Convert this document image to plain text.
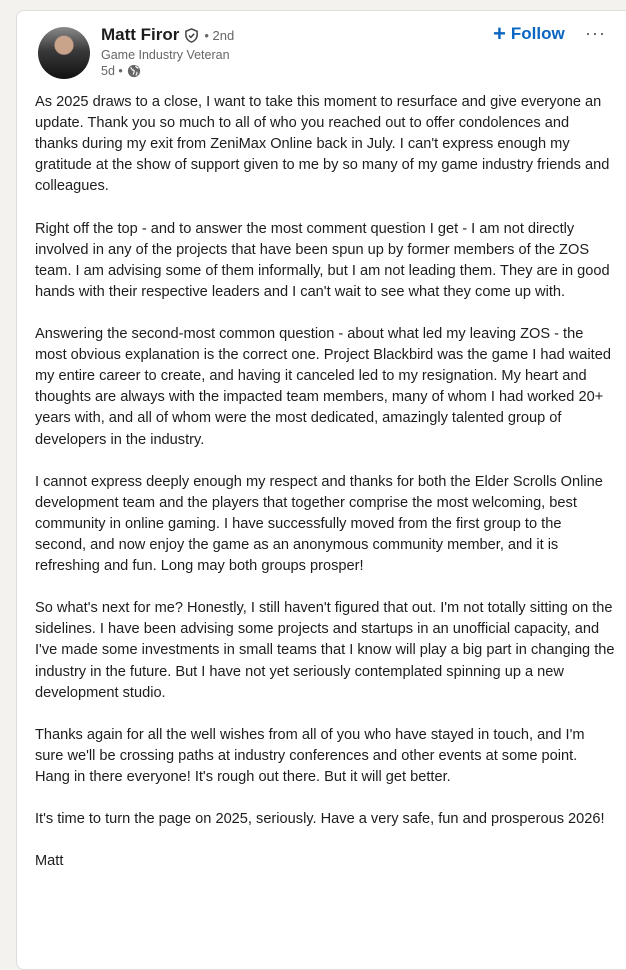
Matt Firor • 2nd
Game Industry Veteran
5d •
+ Follow ···

As 2025 draws to a close, I want to take this moment to resurface and give everyone an update. Thank you so much to all of who you reached out to offer condolences and thanks during my exit from ZeniMax Online back in July. I can't express enough my gratitude at the show of support given to me by so many of my game industry friends and colleagues.

Right off the top - and to answer the most comment question I get - I am not directly involved in any of the projects that have been spun up by former members of the ZOS team. I am advising some of them informally, but I am not leading them. They are in good hands with their respective leaders and I can't wait to see what they come up with.

Answering the second-most common question - about what led my leaving ZOS - the most obvious explanation is the correct one. Project Blackbird was the game I had waited my entire career to create, and having it canceled led to my resignation. My heart and thoughts are always with the impacted team members, many of whom I had worked 20+ years with, and all of whom were the most dedicated, amazingly talented group of developers in the industry.

I cannot express deeply enough my respect and thanks for both the Elder Scrolls Online development team and the players that together comprise the most welcoming, best community in online gaming. I have successfully moved from the first group to the second, and now enjoy the game as an anonymous community member, and it is refreshing and fun. Long may both groups prosper!

So what's next for me? Honestly, I still haven't figured that out. I'm not totally sitting on the sidelines. I have been advising some projects and startups in an unofficial capacity, and I've made some investments in small teams that I know will play a big part in changing the industry in the future. But I have not yet seriously contemplated spinning up a new development studio.

Thanks again for all the well wishes from all of you who have stayed in touch, and I'm sure we'll be crossing paths at industry conferences and other events at some point. Hang in there everyone! It's rough out there. But it will get better.

It's time to turn the page on 2025, seriously. Have a very safe, fun and prosperous 2026!

Matt
